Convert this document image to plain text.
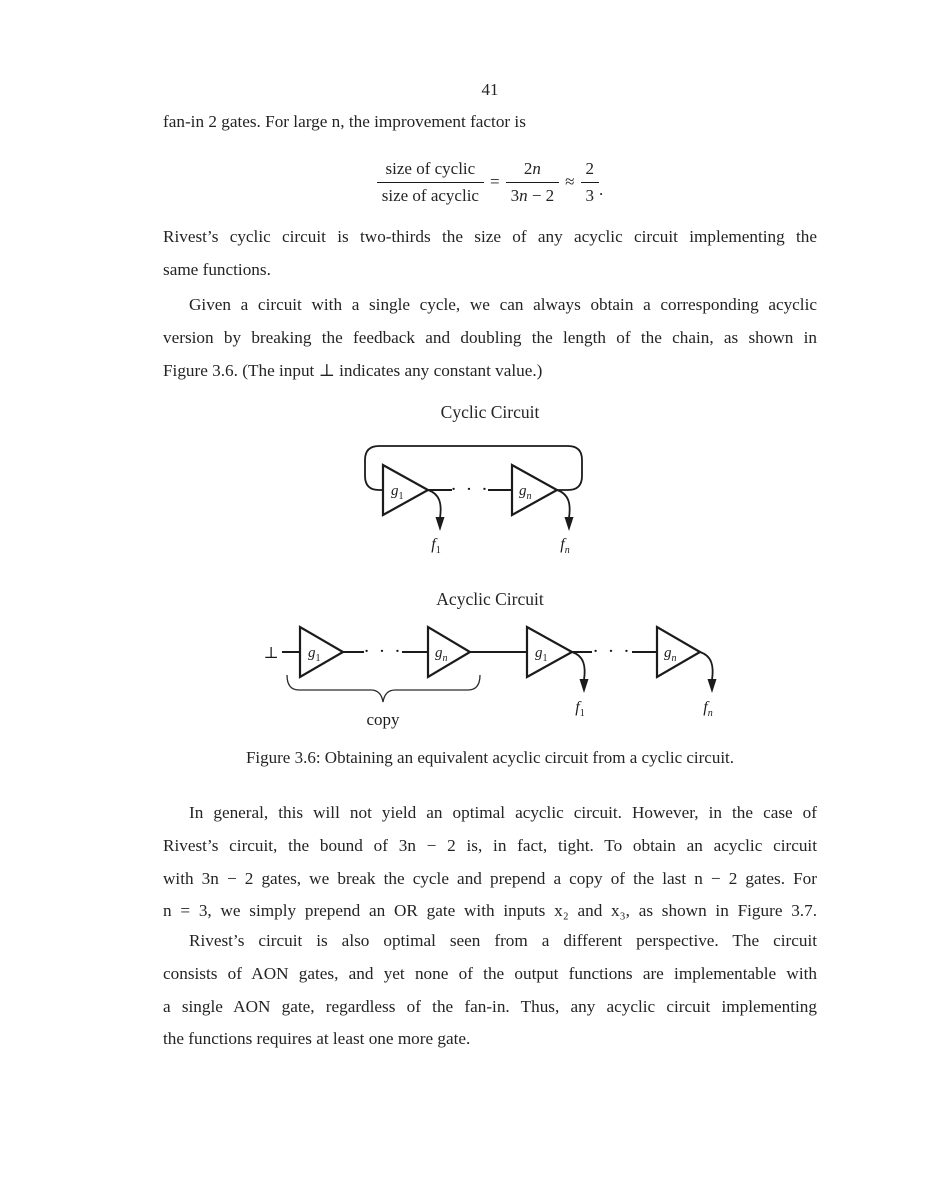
41
fan-in 2 gates. For large n, the improvement factor is
$\frac{\text{size of cyclic}}{\text{size of acyclic}} = \frac{2n}{3n - 2} \approx \frac{2}{3}$ .
Rivest’s cyclic circuit is two-thirds the size of any acyclic circuit implementing the
same functions.
Given a circuit with a single cycle, we can always obtain a corresponding acyclic
version by breaking the feedback and doubling the length of the chain, as shown in
Figure 3.6. (The input ⊥ indicates any constant value.)
Cyclic Circuit
· · ·
$g_1$	$g_n$
$f_1$	$f_n$
Acyclic Circuit
⊥	· · ·	· · ·
$g_1$	$g_n$	$g_1$	$g_n$
$f_1$	$f_n$
copy
Figure 3.6: Obtaining an equivalent acyclic circuit from a cyclic circuit.
In general, this will not yield an optimal acyclic circuit. However, in the case of
Rivest’s circuit, the bound of 3n − 2 is, in fact, tight. To obtain an acyclic circuit
with 3n − 2 gates, we break the cycle and prepend a copy of the last n − 2 gates. For
n = 3, we simply prepend an OR gate with inputs x₂ and x₃, as shown in Figure 3.7.
Rivest’s circuit is also optimal seen from a different perspective. The circuit
consists of AON gates, and yet none of the output functions are implementable with
a single AON gate, regardless of the fan-in. Thus, any acyclic circuit implementing
the functions requires at least one more gate.
